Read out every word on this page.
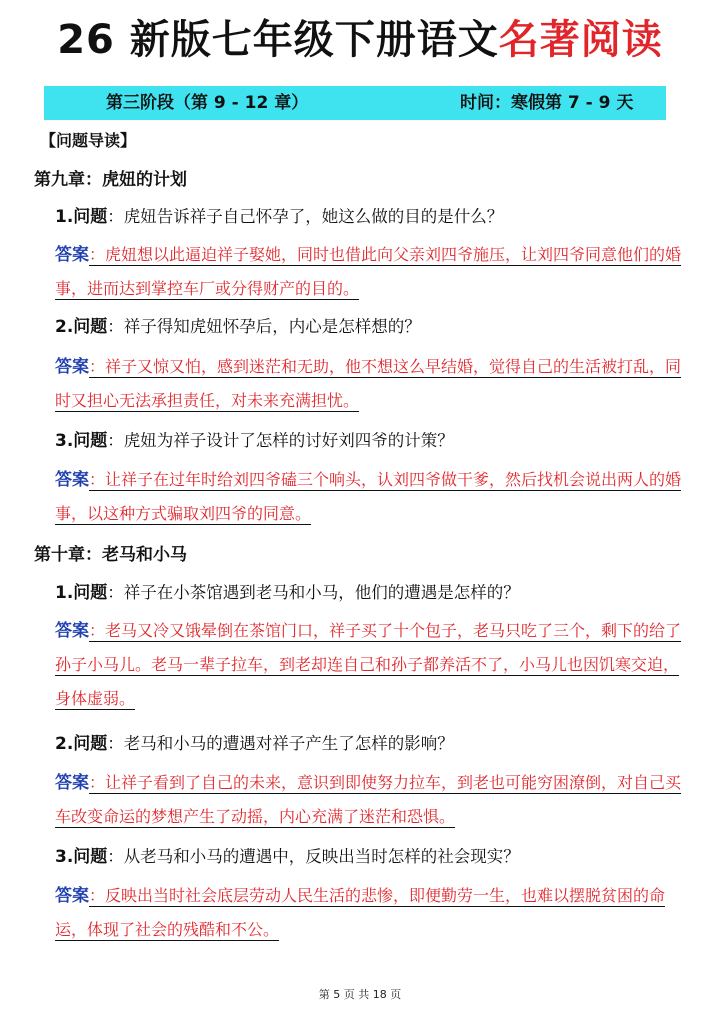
26 新版七年级下册语文名著阅读
第三阶段（第 9 - 12 章）	时间：寒假第 7 - 9 天
【问题导读】
第九章：虎妞的计划
1.问题：虎妞告诉祥子自己怀孕了，她这么做的目的是什么？
答案：虎妞想以此逼迫祥子娶她，同时也借此向父亲刘四爷施压，让刘四爷同意他们的婚事，进而达到掌控车厂或分得财产的目的。
2.问题：祥子得知虎妞怀孕后，内心是怎样想的？
答案：祥子又惊又怕，感到迷茫和无助，他不想这么早结婚，觉得自己的生活被打乱，同时又担心无法承担责任，对未来充满担忧。
3.问题：虎妞为祥子设计了怎样的讨好刘四爷的计策？
答案：让祥子在过年时给刘四爷磕三个响头，认刘四爷做干爹，然后找机会说出两人的婚事，以这种方式骗取刘四爷的同意。
第十章：老马和小马
1.问题：祥子在小茶馆遇到老马和小马，他们的遭遇是怎样的？
答案：老马又冷又饿晕倒在茶馆门口，祥子买了十个包子，老马只吃了三个，剩下的给了孙子小马儿。老马一辈子拉车，到老却连自己和孙子都养活不了，小马儿也因饥寒交迫，身体虚弱。
2.问题：老马和小马的遭遇对祥子产生了怎样的影响？
答案：让祥子看到了自己的未来，意识到即使努力拉车，到老也可能穷困潦倒，对自己买车改变命运的梦想产生了动摇，内心充满了迷茫和恐惧。
3.问题：从老马和小马的遭遇中，反映出当时怎样的社会现实？
答案：反映出当时社会底层劳动人民生活的悲惨，即便勤劳一生，也难以摆脱贫困的命运，体现了社会的残酷和不公。
第 5 页 共 18 页
